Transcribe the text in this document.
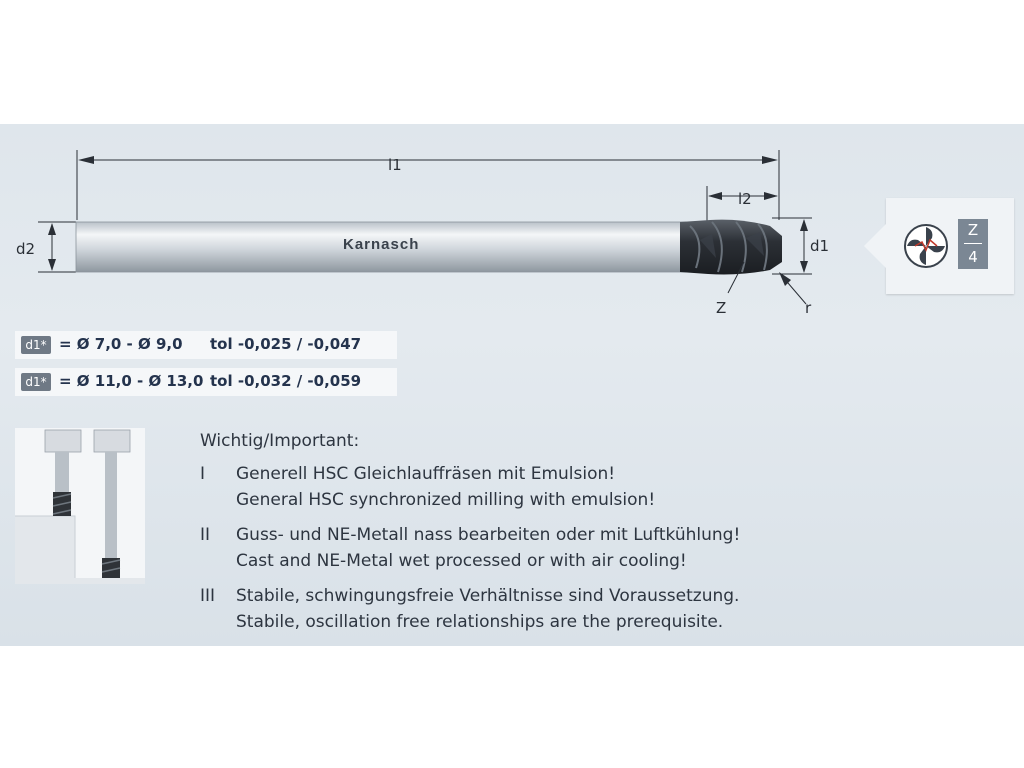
Karnasch
l1
l2
d2	d1
Z	r
Z
4
d1* = Ø 7,0 - Ø 9,0 tol -0,025 / -0,047
d1* = Ø 11,0 - Ø 13,0 tol -0,032 / -0,059
Wichtig/Important:
I Generell HSC Gleichlauffräsen mit Emulsion!
General HSC synchronized milling with emulsion!
II Guss- und NE-Metall nass bearbeiten oder mit Luftkühlung!
Cast and NE-Metal wet processed or with air cooling!
III Stabile, schwingungsfreie Verhältnisse sind Voraussetzung.
Stabile, oscillation free relationships are the prerequisite.
